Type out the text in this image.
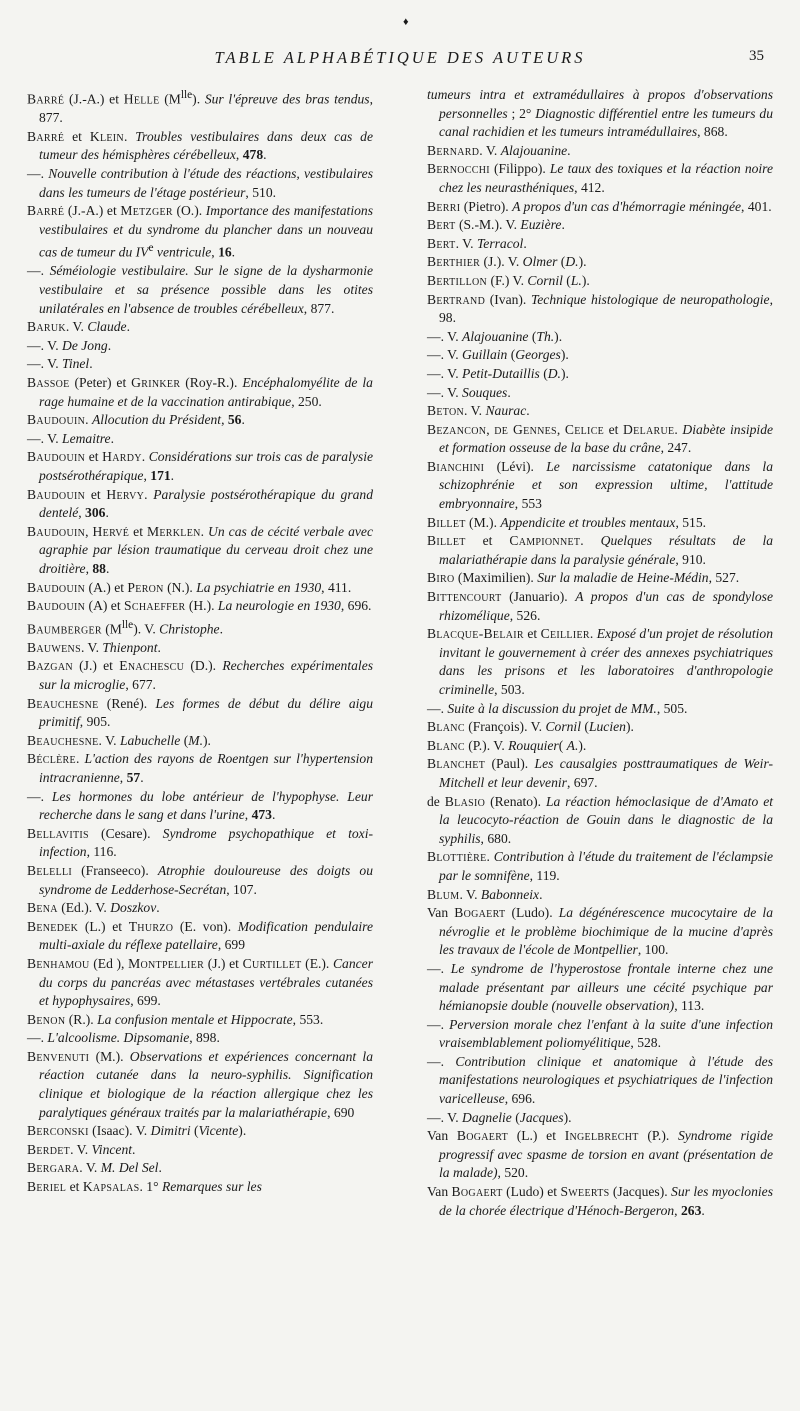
♦
TABLE ALPHABÉTIQUE DES AUTEURS	35

Barré (J.-A.) et Helle $(M^{lle})$. Sur l'épreuve des bras tendus, 877.

Barré et Klein. Troubles vestibulaires dans deux cas de tumeur des hémisphères cérébelleux, 478.

—. Nouvelle contribution à l'étude des réactions, vestibulaires dans les tumeurs de l'étage postérieur, 510.

Barré (J.-A.) et Metzger (O.). Importance des manifestations vestibulaires et du syndrome du plancher dans un nouveau cas de tumeur du IVe ventricule, 16.

—. Séméiologie vestibulaire. Sur le signe de la dysharmonie vestibulaire et sa présence possible dans les otites unilatérales en l'absence de troubles cérébelleux, 877.

Baruk. V. Claude.

—. V. De Jong.

—. V. Tinel.

Bassoe (Peter) et Grinker (Roy-R.). Encéphalomyélite de la rage humaine et de la vaccination antirabique, 250.

Baudouin. Allocution du Président, 56.

—. V. Lemaitre.

Baudouin et Hardy. Considérations sur trois cas de paralysie postsérothérapique, 171.

Baudouin et Hervy. Paralysie postsérothérapique du grand dentelé, 306.

Baudouin, Hervé et Merklen. Un cas de cécité verbale avec agraphie par lésion traumatique du cerveau droit chez une droitière, 88.

Baudouin (A.) et Peron (N.). La psychiatrie en 1930, 411.

Baudouin (A) et Schaeffer (H.). La neurologie en 1930, 696.

Baumberger $(M^{lle})$. V. Christophe.

Bauwens. V. Thienpont.

Bazgan (J.) et Enachescu (D.). Recherches expérimentales sur la microglie, 677.

Beauchesne (René). Les formes de début du délire aigu primitif, 905.

Beauchesne. V. Labuchelle (M.).

Béclère. L'action des rayons de Roentgen sur l'hypertension intracranienne, 57.

—. Les hormones du lobe antérieur de l'hypophyse. Leur recherche dans le sang et dans l'urine, 473.

Bellavitis (Cesare). Syndrome psychopathique et toxi-infection, 116.

Belelli (Franseeco). Atrophie douloureuse des doigts ou syndrome de Ledderhose-Secrétan, 107.

Bena (Ed.). V. Doszkov.

Benedek (L.) et Thurzo (E. von). Modification pendulaire multi-axiale du réflexe patellaire, 699

Benhamou (Ed ), Montpellier (J.) et Curtillet (E.). Cancer du corps du pancréas avec métastases vertébrales cutanées et hypophysaires, 699.

Benon (R.). La confusion mentale et Hippocrate, 553.

—. L'alcoolisme. Dipsomanie, 898.

Benvenuti (M.). Observations et expériences concernant la réaction cutanée dans la neuro-syphilis. Signification clinique et biologique de la réaction allergique chez les paralytiques généraux traités par la malariathérapie, 690

Berconski (Isaac). V. Dimitri (Vicente).

Berdet. V. Vincent.

Bergara. V. M. Del Sel.

Beriel et Kapsalas. 1° Remarques sur les

tumeurs intra et extramédullaires à propos d'observations personnelles ; 2° Diagnostic différentiel entre les tumeurs du canal rachidien et les tumeurs intramédullaires, 868.

Bernard. V. Alajouanine.

Bernocchi (Filippo). Le taux des toxiques et la réaction noire chez les neurasthéniques, 412.

Berri (Pietro). A propos d'un cas d'hémorragie méningée, 401.

Bert (S.-M.). V. Euzière.

Bert. V. Terracol.

Berthier (J.). V. Olmer (D.).

Bertillon (F.) V. Cornil (L.).

Bertrand (Ivan). Technique histologique de neuropathologie, 98.

—. V. Alajouanine (Th.).

—. V. Guillain (Georges).

—. V. Petit-Dutaillis (D.).

—. V. Souques.

Beton. V. Naurac.

Bezancon, de Gennes, Celice et Delarue. Diabète insipide et formation osseuse de la base du crâne, 247.

Bianchini (Lévi). Le narcissisme catatonique dans la schizophrénie et son expression ultime, l'attitude embryonnaire, 553

Billet (M.). Appendicite et troubles mentaux, 515.

Billet et Campionnet. Quelques résultats de la malariathérapie dans la paralysie générale, 910.

Biro (Maximilien). Sur la maladie de Heine-Médin, 527.

Bittencourt (Januario). A propos d'un cas de spondylose rhizomélique, 526.

Blacque-Belair et Ceillier. Exposé d'un projet de résolution invitant le gouvernement à créer des annexes psychiatriques dans les prisons et les laboratoires d'anthropologie criminelle, 503.

—. Suite à la discussion du projet de MM., 505.

Blanc (François). V. Cornil (Lucien).

Blanc (P.). V. Rouquier( A.).

Blanchet (Paul). Les causalgies posttraumatiques de Weir-Mitchell et leur devenir, 697.

de Blasio (Renato). La réaction hémoclasique de d'Amato et la leucocyto-réaction de Gouin dans le diagnostic de la syphilis, 680.

Blottière. Contribution à l'étude du traitement de l'éclampsie par le somnifène, 119.

Blum. V. Babonneix.

Van Bogaert (Ludo). La dégénérescence mucocytaire de la névroglie et le problème biochimique de la mucine d'après les travaux de l'école de Montpellier, 100.

—. Le syndrome de l'hyperostose frontale interne chez une malade présentant par ailleurs une cécité psychique par hémianopsie double (nouvelle observation), 113.

—. Perversion morale chez l'enfant à la suite d'une infection vraisemblablement poliomyélitique, 528.

—. Contribution clinique et anatomique à l'étude des manifestations neurologiques et psychiatriques de l'infection varicelleuse, 696.

—. V. Dagnelie (Jacques).

Van Bogaert (L.) et Ingelbrecht (P.). Syndrome rigide progressif avec spasme de torsion en avant (présentation de la malade), 520.

Van Bogaert (Ludo) et Sweerts (Jacques). Sur les myoclonies de la chorée électrique d'Hénoch-Bergeron, 263.
